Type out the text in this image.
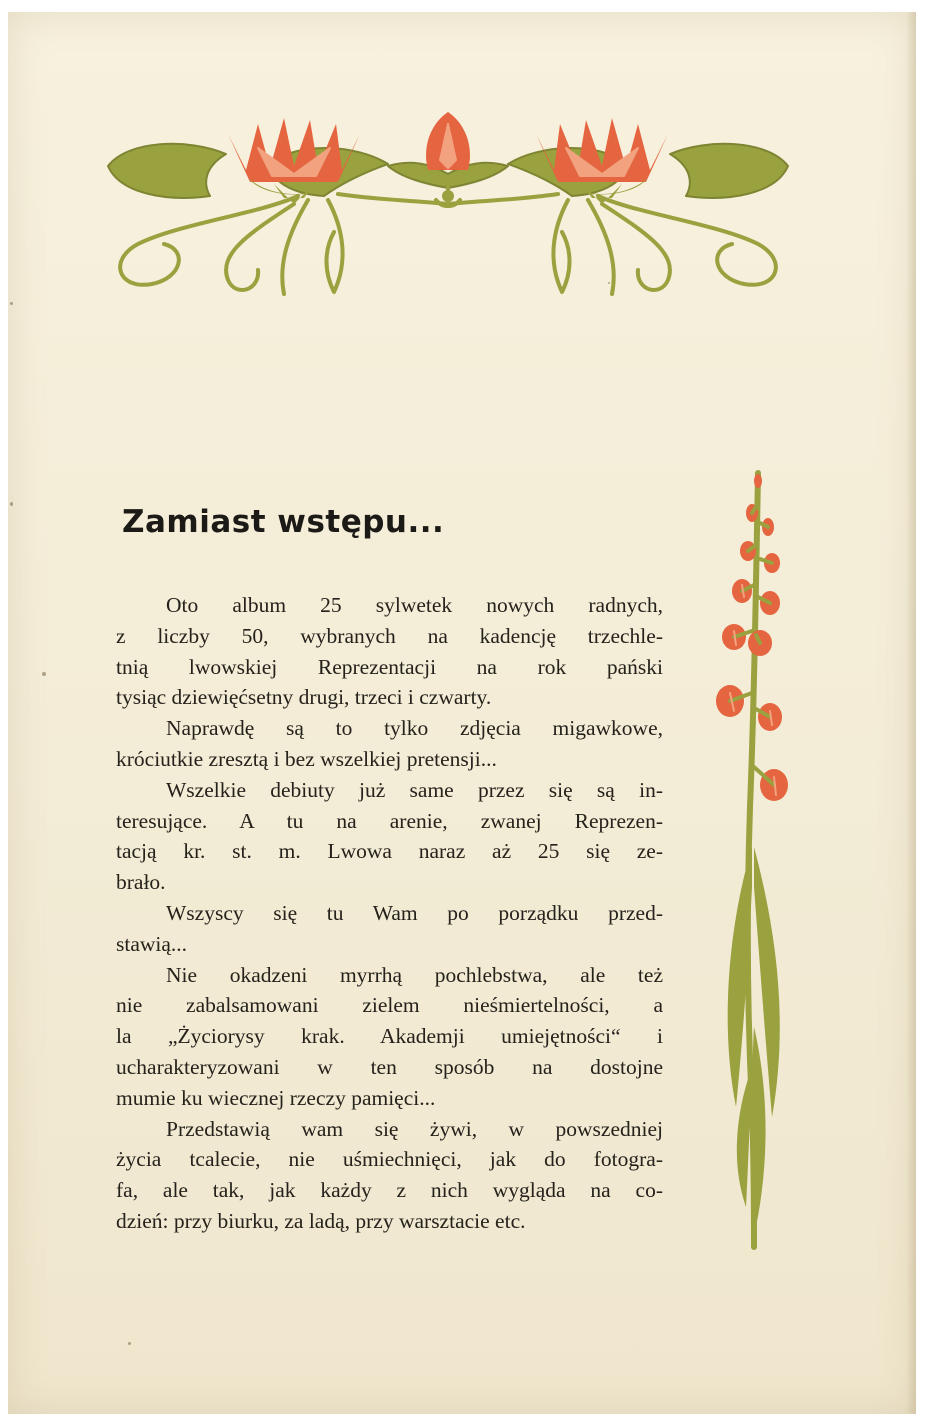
Zamiast wstępu...
Oto album 25 sylwetek nowych radnych,
z liczby 50, wybranych na kadencję trzechle-
tnią lwowskiej Reprezentacji na rok pański
tysiąc dziewięćsetny drugi, trzeci i czwarty.
Naprawdę są to tylko zdjęcia migawkowe,
króciutkie zresztą i bez wszelkiej pretensji...
Wszelkie debiuty już same przez się są in-
teresujące. A tu na arenie, zwanej Reprezen-
tacją kr. st. m. Lwowa naraz aż 25 się ze-
brało.
Wszyscy się tu Wam po porządku przed-
stawią...
Nie okadzeni myrrhą pochlebstwa, ale też
nie zabalsamowani zielem nieśmiertelności, a
la „Życiorysy krak. Akademji umiejętności“ i
ucharakteryzowani w ten sposób na dostojne
mumie ku wiecznej rzeczy pamięci...
Przedstawią wam się żywi, w powszedniej
życia tcalecie, nie uśmiechnięci, jak do fotogra-
fa, ale tak, jak każdy z nich wygląda na co-
dzień: przy biurku, za ladą, przy warsztacie etc.
